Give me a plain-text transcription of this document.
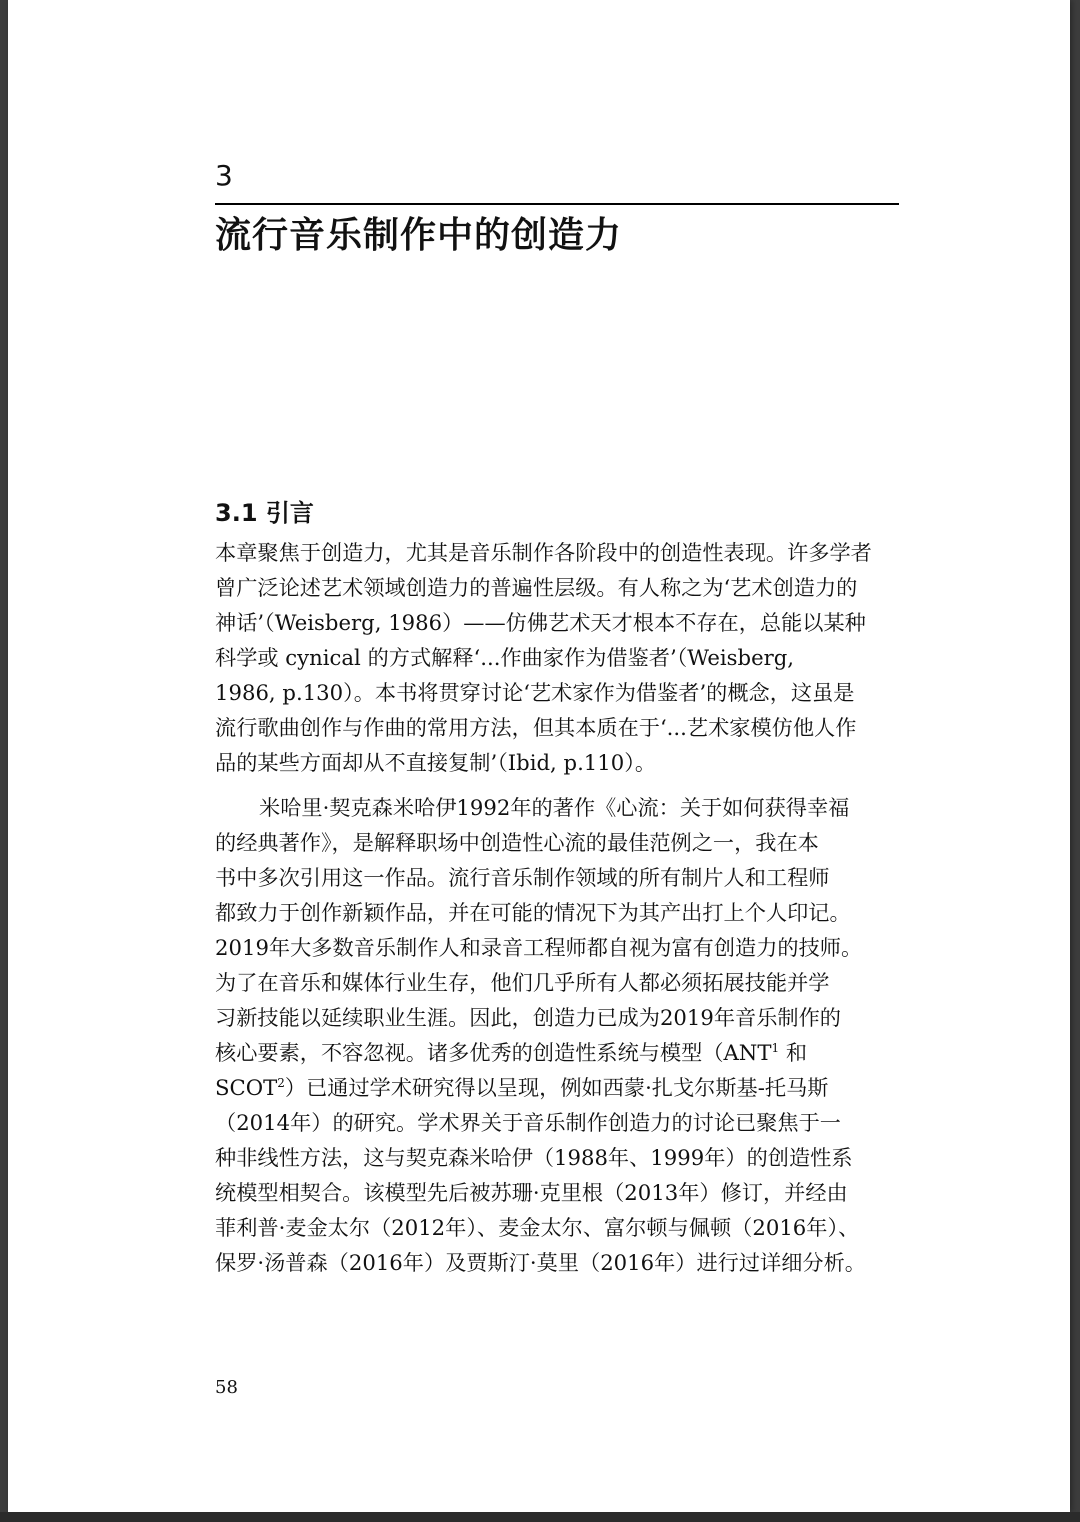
3
流行音乐制作中的创造力
3.1 引言
本章聚焦于创造力，尤其是音乐制作各阶段中的创造性表现。许多学者
曾广泛论述艺术领域创造力的普遍性层级。有人称之为‘艺术创造力的
神话’（Weisberg, 1986）——仿佛艺术天才根本不存在，总能以某种
科学或 cynical 的方式解释‘...作曲家作为借鉴者’（Weisberg,
1986, p.130）。本书将贯穿讨论‘艺术家作为借鉴者’的概念，这虽是
流行歌曲创作与作曲的常用方法，但其本质在于‘...艺术家模仿他人作
品的某些方面却从不直接复制’（Ibid, p.110）。
米哈里·契克森米哈伊1992年的著作《心流：关于如何获得幸福
的经典著作》，是解释职场中创造性心流的最佳范例之一，我在本
书中多次引用这一作品。流行音乐制作领域的所有制片人和工程师
都致力于创作新颖作品，并在可能的情况下为其产出打上个人印记。
2019年大多数音乐制作人和录音工程师都自视为富有创造力的技师。
为了在音乐和媒体行业生存，他们几乎所有人都必须拓展技能并学
习新技能以延续职业生涯。因此，创造力已成为2019年音乐制作的
核心要素，不容忽视。诸多优秀的创造性系统与模型（ANT$^1$ 和
SCOT$^2$）已通过学术研究得以呈现，例如西蒙·扎戈尔斯基-托马斯
（2014年）的研究。学术界关于音乐制作创造力的讨论已聚焦于一
种非线性方法，这与契克森米哈伊（1988年、1999年）的创造性系
统模型相契合。该模型先后被苏珊·克里根（2013年）修订，并经由
菲利普·麦金太尔（2012年）、麦金太尔、富尔顿与佩顿（2016年）、
保罗·汤普森（2016年）及贾斯汀·莫里（2016年）进行过详细分析。
58
